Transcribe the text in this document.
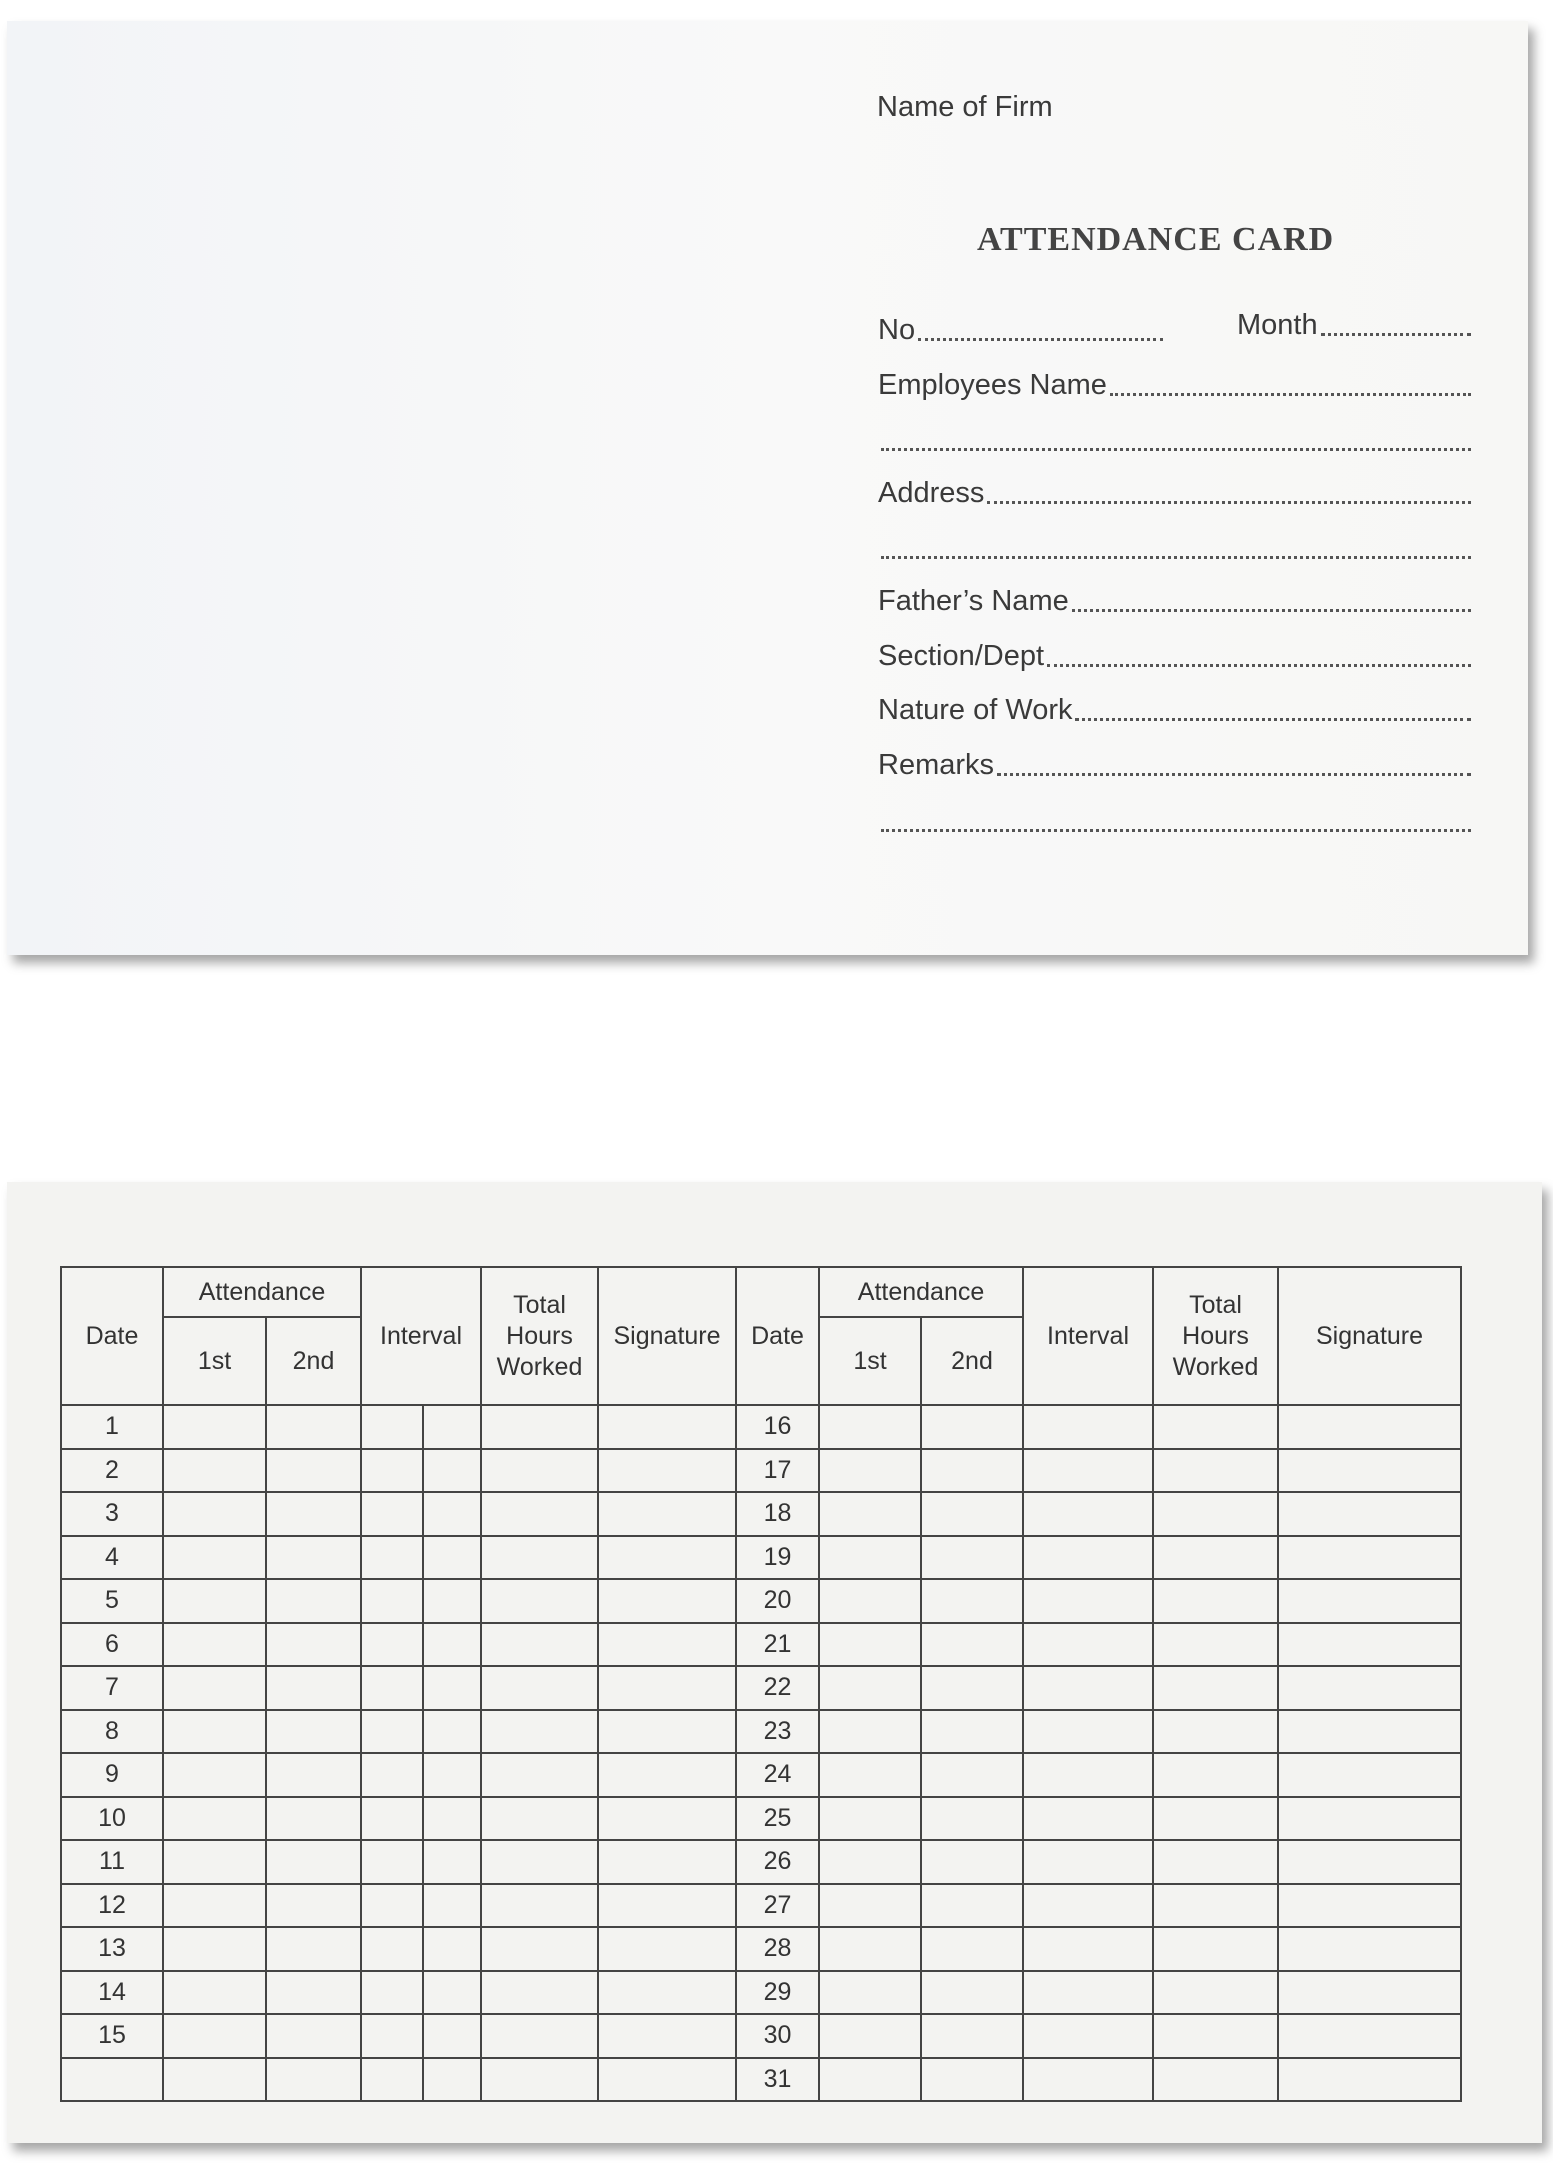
Name of Firm
ATTENDANCE CARD
No	Month
Employees Name
Address
Father’s Name
Section/Dept
Nature of Work
Remarks
Date	Attendance		Interval		Total Hours Worked	Signature	Date	Attendance		Interval	Total Hours Worked	Signature
	1st	2nd						1st	2nd			
1							16					
2							17					
3							18					
4							19					
5							20					
6							21					
7							22					
8							23					
9							24					
10							25					
11							26					
12							27					
13							28					
14							29					
15							30					
							31					
